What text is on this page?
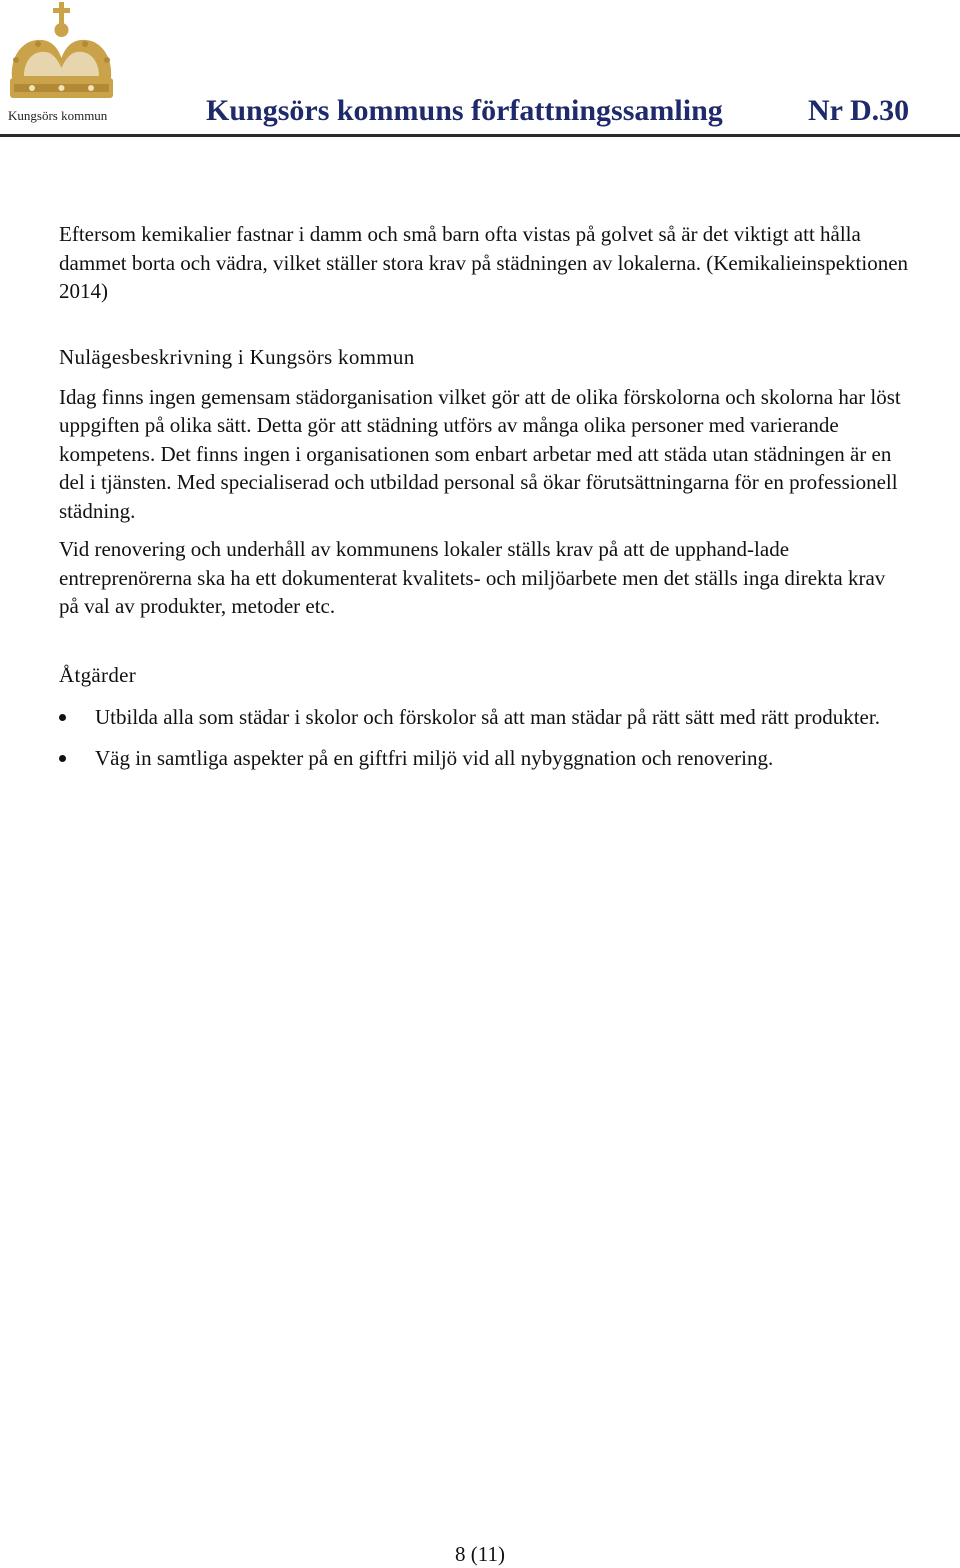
Kungsörs kommun	Kungsörs kommuns författningssamling	Nr D.30

Eftersom kemikalier fastnar i damm och små barn ofta vistas på golvet så är det viktigt att hålla dammet borta och vädra, vilket ställer stora krav på städningen av lokalerna. (Kemikalieinspektionen 2014)

Nulägesbeskrivning i Kungsörs kommun

Idag finns ingen gemensam städorganisation vilket gör att de olika förskolorna och skolorna har löst uppgiften på olika sätt. Detta gör att städning utförs av många olika personer med varierande kompetens. Det finns ingen i organisationen som enbart arbetar med att städa utan städningen är en del i tjänsten. Med specialiserad och utbildad personal så ökar förutsättningarna för en professionell städning.

Vid renovering och underhåll av kommunens lokaler ställs krav på att de upphand-lade entreprenörerna ska ha ett dokumenterat kvalitets- och miljöarbete men det ställs inga direkta krav på val av produkter, metoder etc.

Åtgärder

Utbilda alla som städar i skolor och förskolor så att man städar på rätt sätt med rätt produkter.
Väg in samtliga aspekter på en giftfri miljö vid all nybyggnation och renovering.
8 (11)
